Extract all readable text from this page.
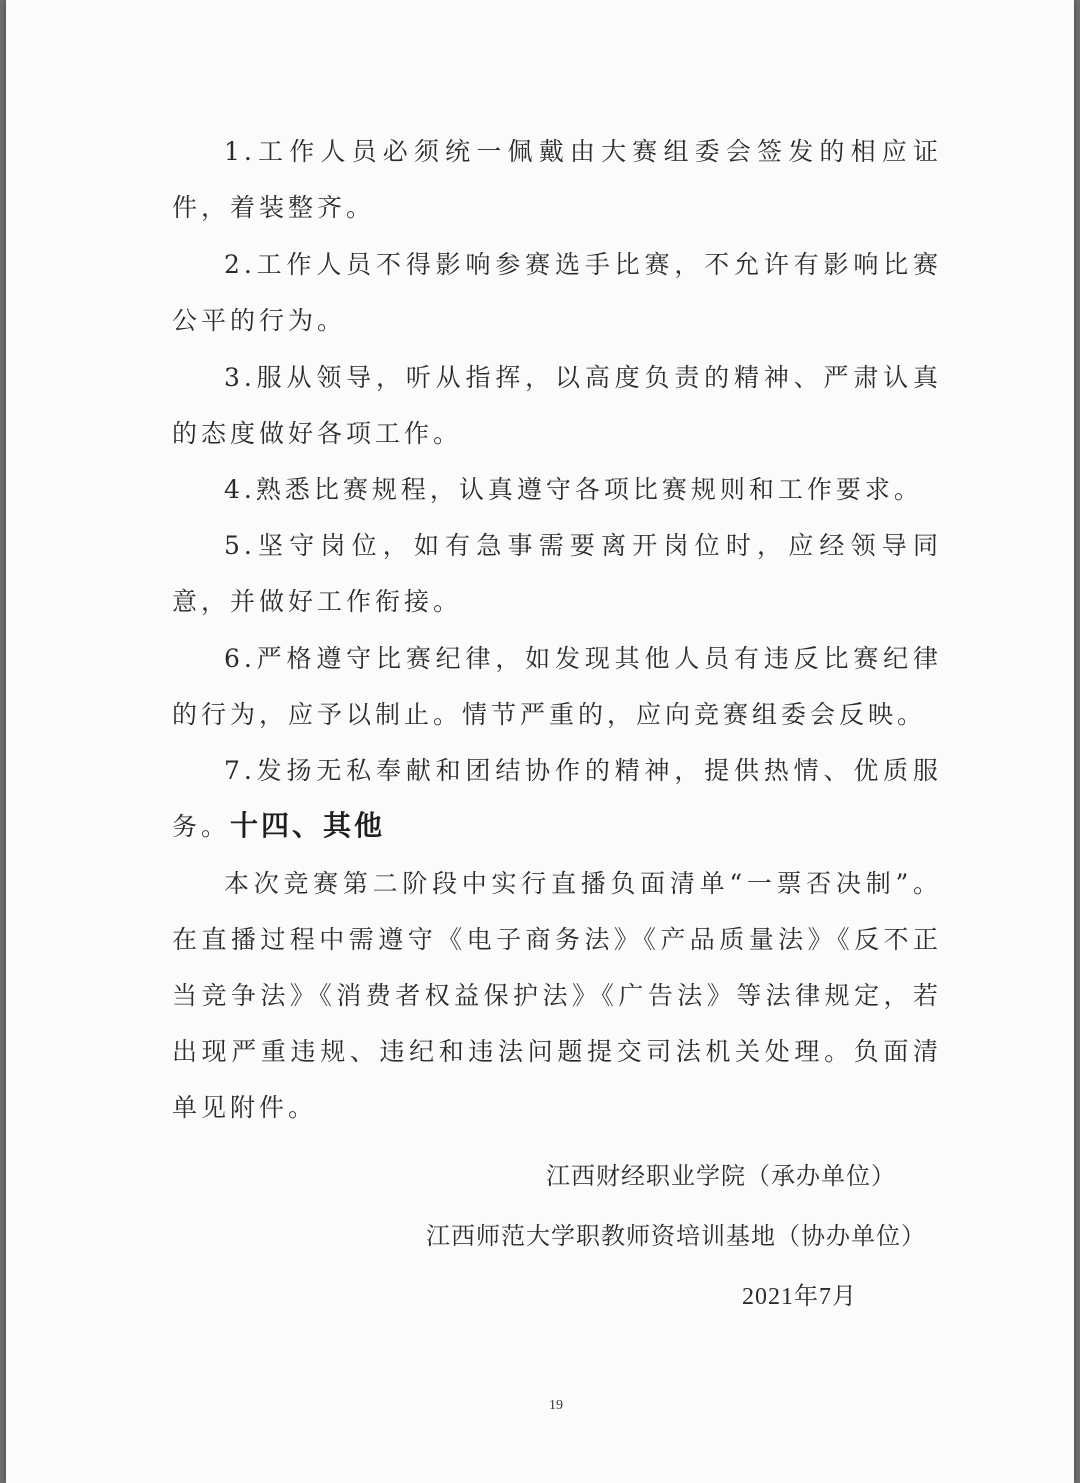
1.工作人员必须统一佩戴由大赛组委会签发的相应证件，着装整齐。

2.工作人员不得影响参赛选手比赛，不允许有影响比赛公平的行为。

3.服从领导，听从指挥，以高度负责的精神、严肃认真的态度做好各项工作。

4.熟悉比赛规程，认真遵守各项比赛规则和工作要求。

5.坚守岗位，如有急事需要离开岗位时，应经领导同意，并做好工作衔接。

6.严格遵守比赛纪律，如发现其他人员有违反比赛纪律的行为，应予以制止。情节严重的，应向竞赛组委会反映。

7.发扬无私奉献和团结协作的精神，提供热情、优质服务。 十四、其他

本次竞赛第二阶段中实行直播负面清单“一票否决制”。在直播过程中需遵守《电子商务法》《产品质量法》《反不正当竞争法》《消费者权益保护法》《广告法》等法律规定，若出现严重违规、违纪和违法问题提交司法机关处理。负面清单见附件。

江西财经职业学院（承办单位）

江西师范大学职教师资培训基地（协办单位）

2021年7月

19
